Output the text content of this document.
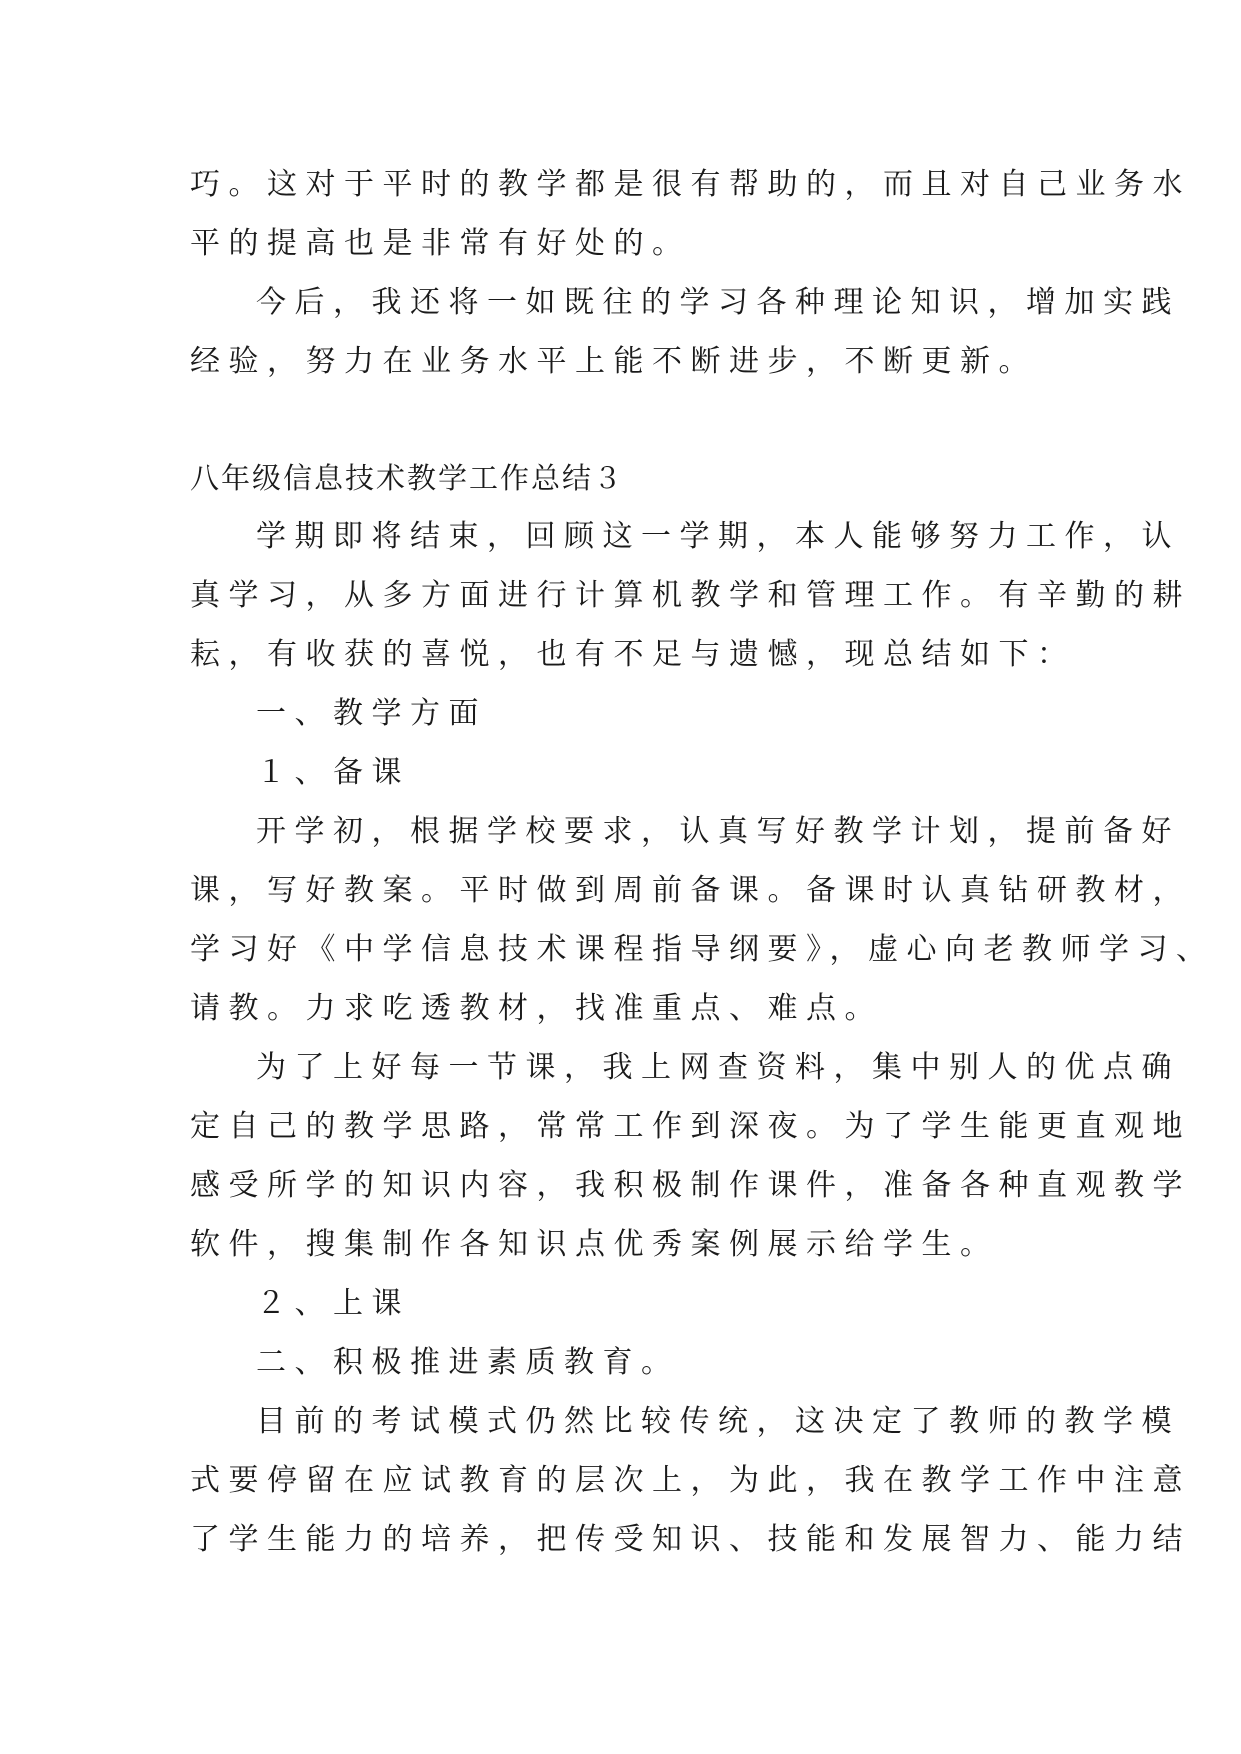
巧。这对于平时的教学都是很有帮助的，而且对自己业务水

平的提高也是非常有好处的。

今后，我还将一如既往的学习各种理论知识，增加实践

经验，努力在业务水平上能不断进步，不断更新。

八年级信息技术教学工作总结３

学期即将结束，回顾这一学期，本人能够努力工作，认

真学习，从多方面进行计算机教学和管理工作。有辛勤的耕

耘，有收获的喜悦，也有不足与遗憾，现总结如下：

一、教学方面

１、备课

开学初，根据学校要求，认真写好教学计划，提前备好

课，写好教案。平时做到周前备课。备课时认真钻研教材，

学习好《中学信息技术课程指导纲要》，虚心向老教师学习、

请教。力求吃透教材，找准重点、难点。

为了上好每一节课，我上网查资料，集中别人的优点确

定自己的教学思路，常常工作到深夜。为了学生能更直观地

感受所学的知识内容，我积极制作课件，准备各种直观教学

软件，搜集制作各知识点优秀案例展示给学生。

２、上课

二、积极推进素质教育。

目前的考试模式仍然比较传统，这决定了教师的教学模

式要停留在应试教育的层次上，为此，我在教学工作中注意

了学生能力的培养，把传受知识、技能和发展智力、能力结
